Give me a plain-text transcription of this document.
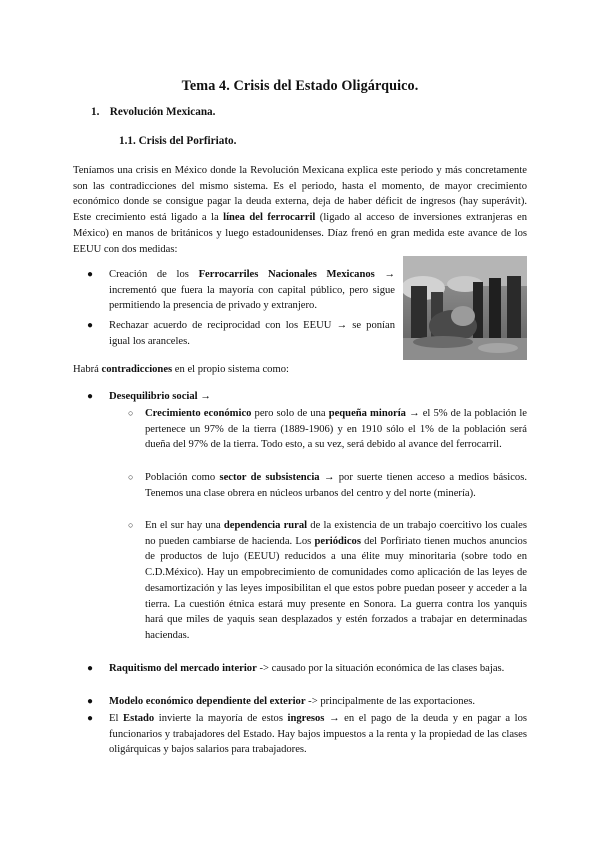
Tema 4. Crisis del Estado Oligárquico.
1. Revolución Mexicana.
1.1. Crisis del Porfiriato.
Teníamos una crisis en México donde la Revolución Mexicana explica este periodo y más concretamente son las contradicciones del mismo sistema. Es el periodo, hasta el momento, de mayor crecimiento económico donde se consigue pagar la deuda externa, deja de haber déficit de ingresos (hay superávit). Este crecimiento está ligado a la línea del ferrocarril (ligado al acceso de inversiones extranjeras en México) en manos de británicos y luego estadounidenses. Díaz frenó en gran medida este avance de los EEUU con dos medidas:
● Creación de los Ferrocarriles Nacionales Mexicanos → incrementó que fuera la mayoría con capital público, pero sigue permitiendo la presencia de privado y extranjero.
● Rechazar acuerdo de reciprocidad con los EEUU → se ponían igual los aranceles.
Habrá contradicciones en el propio sistema como:
● Desequilibrio social →
○ Crecimiento económico pero solo de una pequeña minoría → el 5% de la población le pertenece un 97% de la tierra (1889-1906) y en 1910 sólo el 1% de la población será dueña del 97% de la tierra. Todo esto, a su vez, será debido al avance del ferrocarril.
○ Población como sector de subsistencia → por suerte tienen acceso a medios básicos. Tenemos una clase obrera en núcleos urbanos del centro y del norte (minería).
○ En el sur hay una dependencia rural de la existencia de un trabajo coercitivo los cuales no pueden cambiarse de hacienda. Los periódicos del Porfiriato tienen muchos anuncios de productos de lujo (EEUU) reducidos a una élite muy minoritaria (sobre todo en C.D.México). Hay un empobrecimiento de comunidades como aplicación de las leyes de desamortización y las leyes imposibilitan el que estos pobre puedan poseer y acceder a la tierra. La cuestión étnica estará muy presente en Sonora. La guerra contra los yanquis hará que miles de yaquis sean desplazados y estén forzados a trabajar en determinadas haciendas.
● Raquitismo del mercado interior -> causado por la situación económica de las clases bajas.
● Modelo económico dependiente del exterior -> principalmente de las exportaciones.
● El Estado invierte la mayoría de estos ingresos → en el pago de la deuda y en pagar a los funcionarios y trabajadores del Estado. Hay bajos impuestos a la renta y la propiedad de las clases oligárquicas y bajos salarios para trabajadores.
